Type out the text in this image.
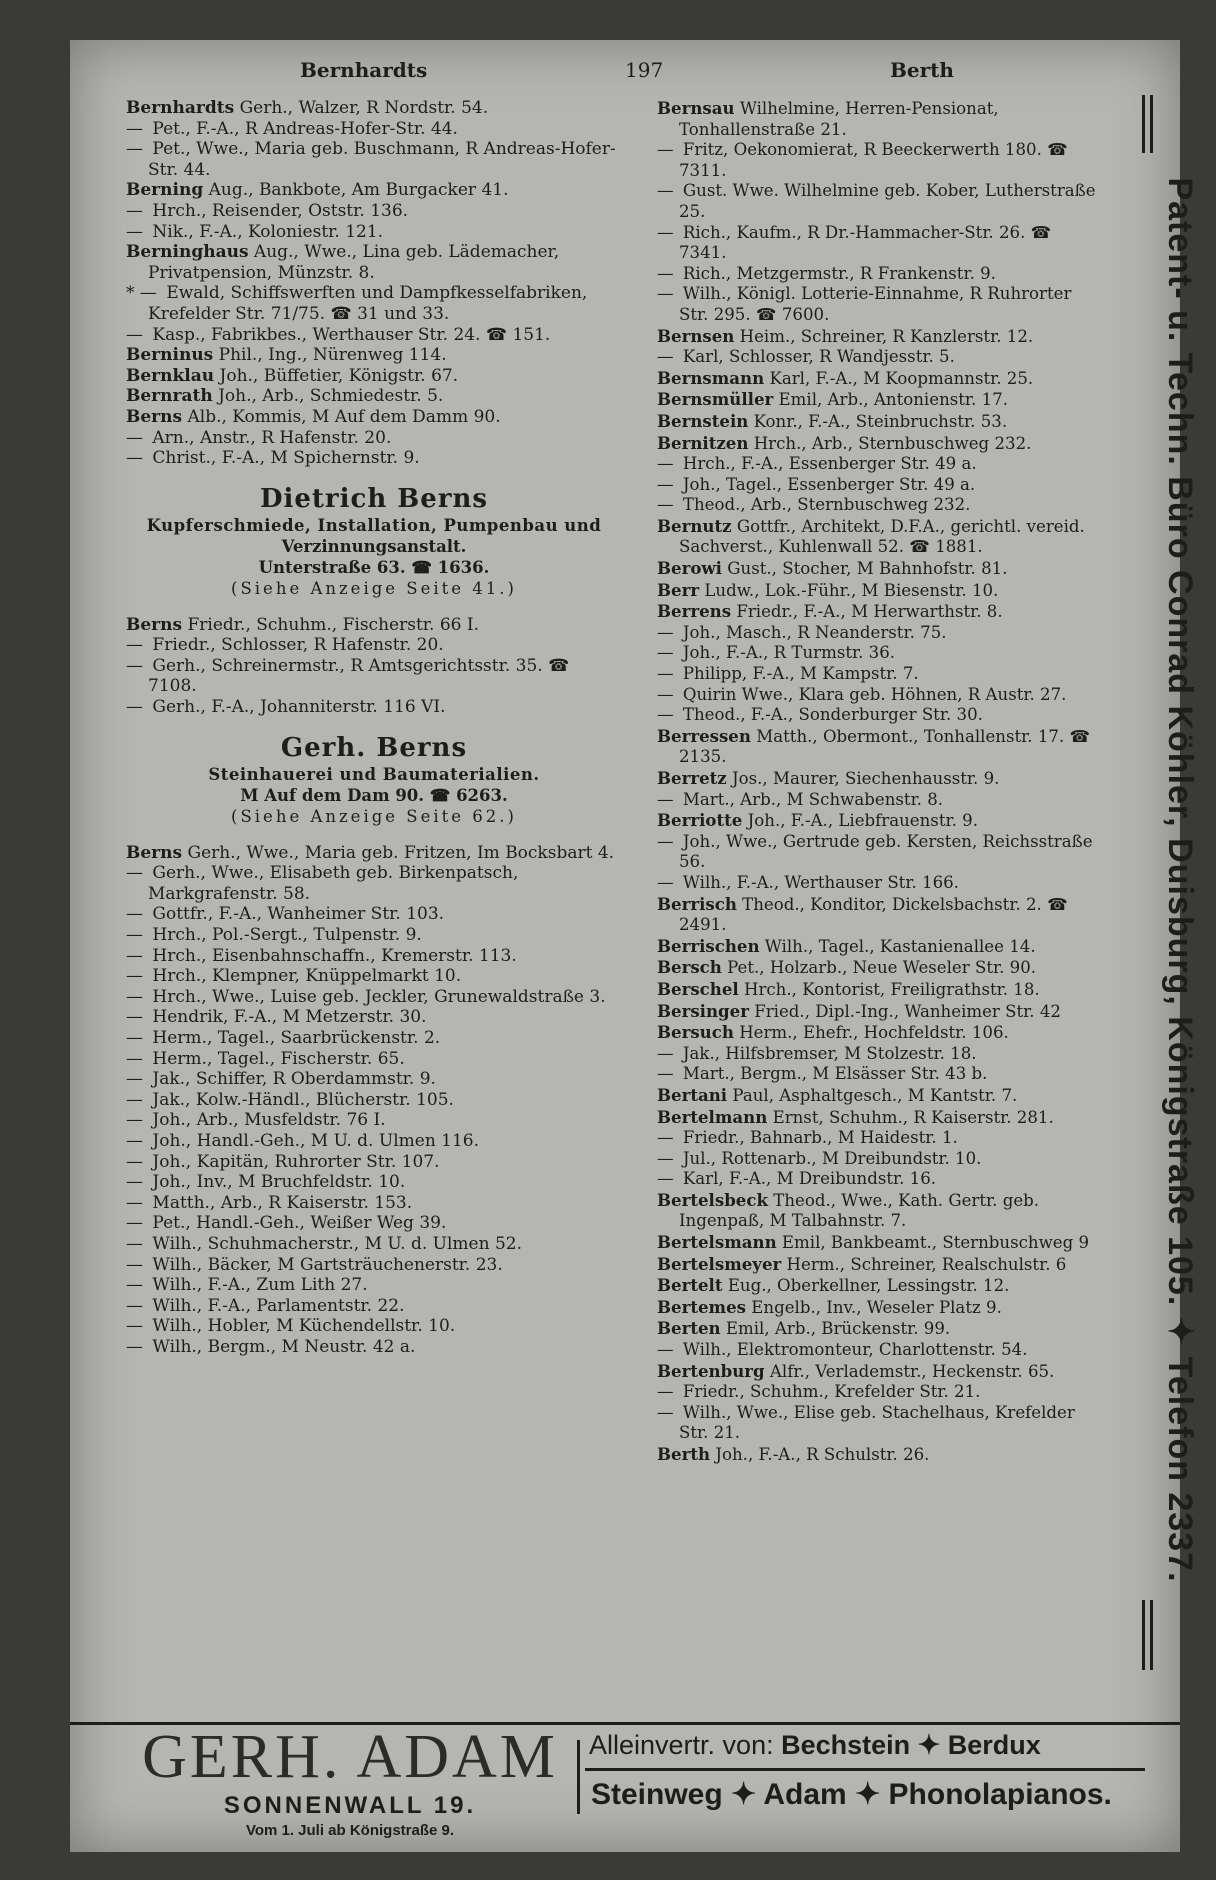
Bernhardts	197	Berth

Bernhardts Gerh., Walzer, R Nordstr. 54.

— Pet., F.-A., R Andreas-Hofer-Str. 44.

— Pet., Wwe., Maria geb. Buschmann, R Andreas-Hofer-Str. 44.

Berning Aug., Bankbote, Am Burgacker 41.

— Hrch., Reisender, Oststr. 136.

— Nik., F.-A., Koloniestr. 121.

Berninghaus Aug., Wwe., Lina geb. Lädemacher, Privatpension, Münzstr. 8.

* — Ewald, Schiffswerften und Dampfkesselfabriken, Krefelder Str. 71/75. ☎ 31 und 33.

— Kasp., Fabrikbes., Werthauser Str. 24. ☎ 151.

Berninus Phil., Ing., Nürenweg 114.

Bernklau Joh., Büffetier, Königstr. 67.

Bernrath Joh., Arb., Schmiedestr. 5.

Berns Alb., Kommis, M Auf dem Damm 90.

— Arn., Anstr., R Hafenstr. 20.

— Christ., F.-A., M Spichernstr. 9.

Dietrich Berns
Kupferschmiede, Installation, Pumpenbau und
Verzinnungsanstalt.
Unterstraße 63. ☎ 1636.
(Siehe Anzeige Seite 41.)

Berns Friedr., Schuhm., Fischerstr. 66 I.

— Friedr., Schlosser, R Hafenstr. 20.

— Gerh., Schreinermstr., R Amtsgerichtsstr. 35. ☎ 7108.

— Gerh., F.-A., Johanniterstr. 116 VI.

Gerh. Berns
Steinhauerei und Baumaterialien.
M Auf dem Dam 90. ☎ 6263.
(Siehe Anzeige Seite 62.)

Berns Gerh., Wwe., Maria geb. Fritzen, Im Bocksbart 4.

— Gerh., Wwe., Elisabeth geb. Birkenpatsch, Markgrafenstr. 58.

— Gottfr., F.-A., Wanheimer Str. 103.

— Hrch., Pol.-Sergt., Tulpenstr. 9.

— Hrch., Eisenbahnschaffn., Kremerstr. 113.

— Hrch., Klempner, Knüppelmarkt 10.

— Hrch., Wwe., Luise geb. Jeckler, Grunewaldstraße 3.

— Hendrik, F.-A., M Metzerstr. 30.

— Herm., Tagel., Saarbrückenstr. 2.

— Herm., Tagel., Fischerstr. 65.

— Jak., Schiffer, R Oberdammstr. 9.

— Jak., Kolw.-Händl., Blücherstr. 105.

— Joh., Arb., Musfeldstr. 76 I.

— Joh., Handl.-Geh., M U. d. Ulmen 116.

— Joh., Kapitän, Ruhrorter Str. 107.

— Joh., Inv., M Bruchfeldstr. 10.

— Matth., Arb., R Kaiserstr. 153.

— Pet., Handl.-Geh., Weißer Weg 39.

— Wilh., Schuhmacherstr., M U. d. Ulmen 52.

— Wilh., Bäcker, M Gartsträuchenerstr. 23.

— Wilh., F.-A., Zum Lith 27.

— Wilh., F.-A., Parlamentstr. 22.

— Wilh., Hobler, M Küchendellstr. 10.

— Wilh., Bergm., M Neustr. 42 a.

Bernsau Wilhelmine, Herren-Pensionat, Tonhallenstraße 21.

— Fritz, Oekonomierat, R Beeckerwerth 180. ☎ 7311.

— Gust. Wwe. Wilhelmine geb. Kober, Lutherstraße 25.

— Rich., Kaufm., R Dr.-Hammacher-Str. 26. ☎ 7341.

— Rich., Metzgermstr., R Frankenstr. 9.

— Wilh., Königl. Lotterie-Einnahme, R Ruhrorter Str. 295. ☎ 7600.

Bernsen Heim., Schreiner, R Kanzlerstr. 12.

— Karl, Schlosser, R Wandjesstr. 5.

Bernsmann Karl, F.-A., M Koopmannstr. 25.

Bernsmüller Emil, Arb., Antonienstr. 17.

Bernstein Konr., F.-A., Steinbruchstr. 53.

Bernitzen Hrch., Arb., Sternbuschweg 232.

— Hrch., F.-A., Essenberger Str. 49 a.

— Joh., Tagel., Essenberger Str. 49 a.

— Theod., Arb., Sternbuschweg 232.

Bernutz Gottfr., Architekt, D.F.A., gerichtl. vereid. Sachverst., Kuhlenwall 52. ☎ 1881.

Berowi Gust., Stocher, M Bahnhofstr. 81.

Berr Ludw., Lok.-Führ., M Biesenstr. 10.

Berrens Friedr., F.-A., M Herwarthstr. 8.

— Joh., Masch., R Neanderstr. 75.

— Joh., F.-A., R Turmstr. 36.

— Philipp, F.-A., M Kampstr. 7.

— Quirin Wwe., Klara geb. Höhnen, R Austr. 27.

— Theod., F.-A., Sonderburger Str. 30.

Berressen Matth., Obermont., Tonhallenstr. 17. ☎ 2135.

Berretz Jos., Maurer, Siechenhausstr. 9.

— Mart., Arb., M Schwabenstr. 8.

Berriotte Joh., F.-A., Liebfrauenstr. 9.

— Joh., Wwe., Gertrude geb. Kersten, Reichsstraße 56.

— Wilh., F.-A., Werthauser Str. 166.

Berrisch Theod., Konditor, Dickelsbachstr. 2. ☎ 2491.

Berrischen Wilh., Tagel., Kastanienallee 14.

Bersch Pet., Holzarb., Neue Weseler Str. 90.

Berschel Hrch., Kontorist, Freiligrathstr. 18.

Bersinger Fried., Dipl.-Ing., Wanheimer Str. 42

Bersuch Herm., Ehefr., Hochfeldstr. 106.

— Jak., Hilfsbremser, M Stolzestr. 18.

— Mart., Bergm., M Elsässer Str. 43 b.

Bertani Paul, Asphaltgesch., M Kantstr. 7.

Bertelmann Ernst, Schuhm., R Kaiserstr. 281.

— Friedr., Bahnarb., M Haidestr. 1.

— Jul., Rottenarb., M Dreibundstr. 10.

— Karl, F.-A., M Dreibundstr. 16.

Bertelsbeck Theod., Wwe., Kath. Gertr. geb. Ingenpaß, M Talbahnstr. 7.

Bertelsmann Emil, Bankbeamt., Sternbuschweg 9

Bertelsmeyer Herm., Schreiner, Realschulstr. 6

Bertelt Eug., Oberkellner, Lessingstr. 12.

Bertemes Engelb., Inv., Weseler Platz 9.

Berten Emil, Arb., Brückenstr. 99.

— Wilh., Elektromonteur, Charlottenstr. 54.

Bertenburg Alfr., Verlademstr., Heckenstr. 65.

— Friedr., Schuhm., Krefelder Str. 21.

— Wilh., Wwe., Elise geb. Stachelhaus, Krefelder Str. 21.

Berth Joh., F.-A., R Schulstr. 26.	Patent- u. Techn. Büro Conrad Köhler, Duisburg, Königstraße 105. ✦ Telefon 2337.
GERH. ADAM
SONNENWALL 19.
Vom 1. Juli ab Königstraße 9.
Alleinvertr. von: Bechstein ✦ Berdux
Steinweg ✦ Adam ✦ Phonolapianos.
